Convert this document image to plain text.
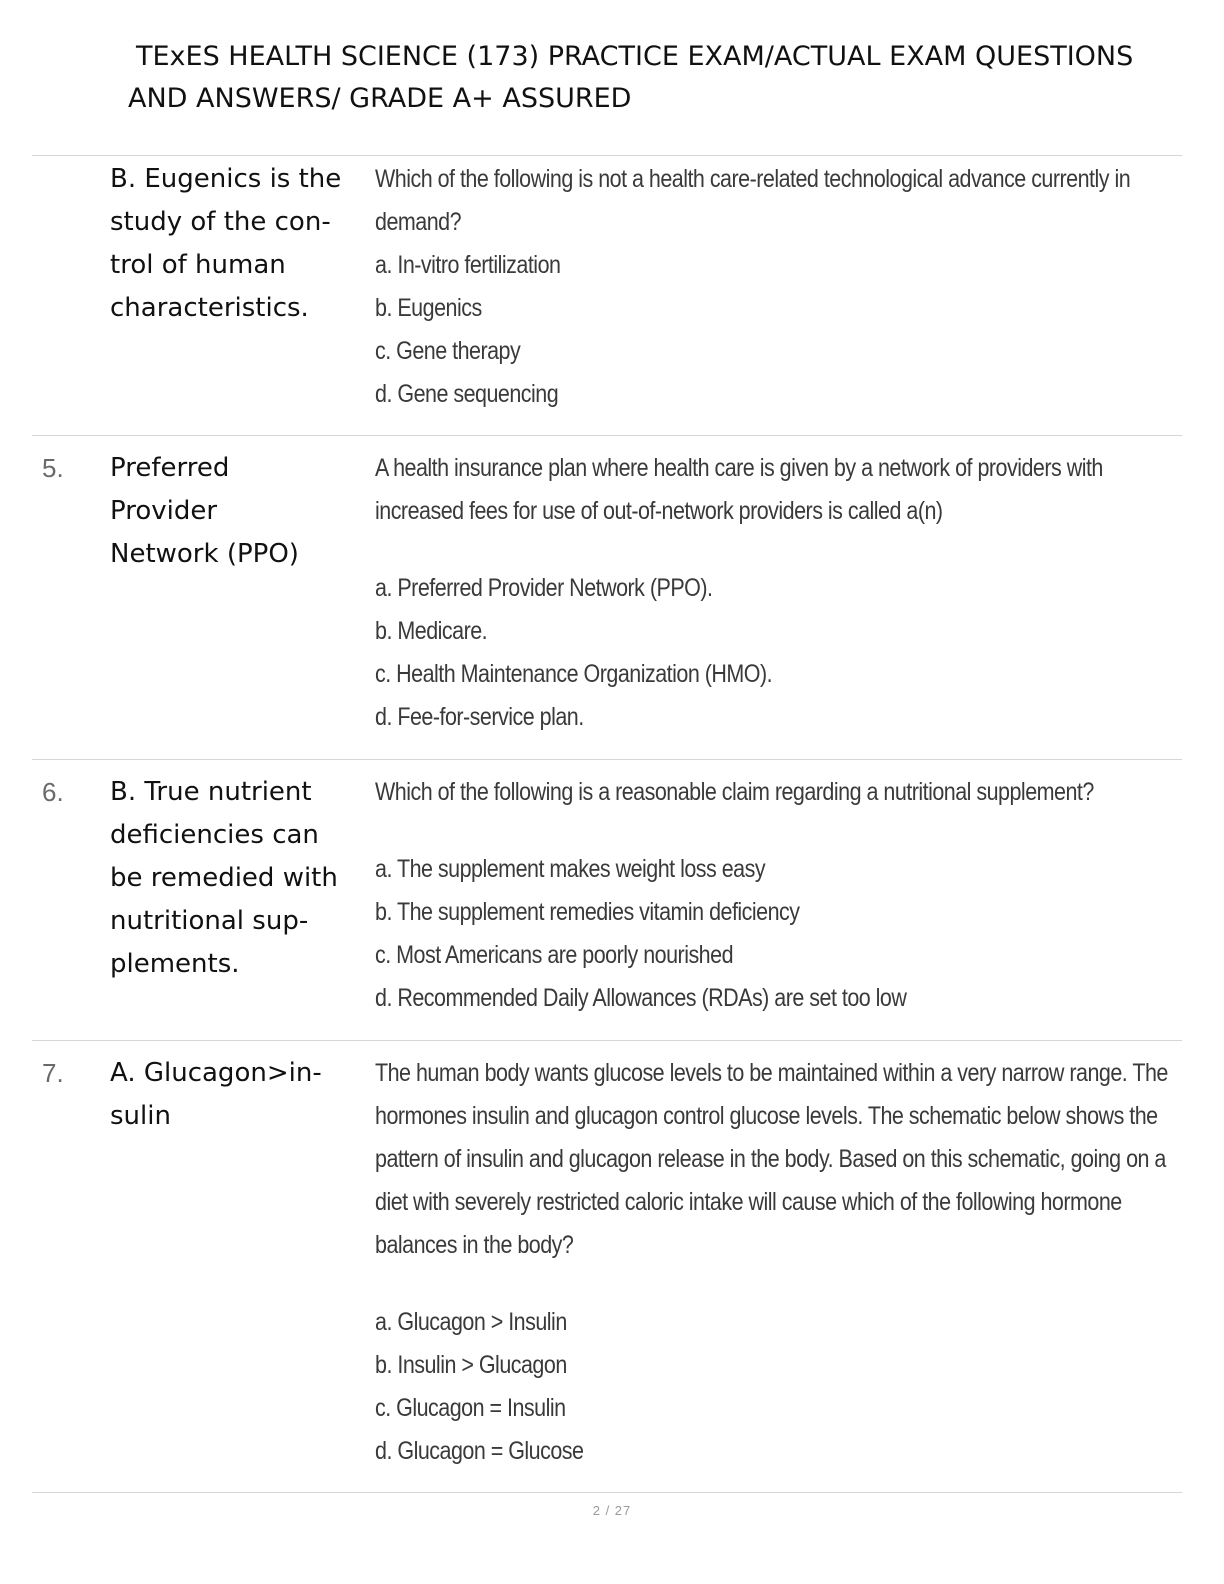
TExES HEALTH SCIENCE (173) PRACTICE EXAM/ACTUAL EXAM QUESTIONS
AND ANSWERS/ GRADE A+ ASSURED
B. Eugenics is the
study of the con-
trol of human
characteristics.
Which of the following is not a health care-related technological advance currently in demand?
a. In-vitro fertilization
b. Eugenics
c. Gene therapy
d. Gene sequencing
5. Preferred
Provider
Network (PPO)
A health insurance plan where health care is given by a network of providers with increased fees for use of out-of-network providers is called a(n)
a. Preferred Provider Network (PPO).
b. Medicare.
c. Health Maintenance Organization (HMO).
d. Fee-for-service plan.
6. B. True nutrient
deficiencies can
be remedied with
nutritional sup-
plements.
Which of the following is a reasonable claim regarding a nutritional supplement?
a. The supplement makes weight loss easy
b. The supplement remedies vitamin deficiency
c. Most Americans are poorly nourished
d. Recommended Daily Allowances (RDAs) are set too low
7. A. Glucagon>in-
sulin
The human body wants glucose levels to be maintained within a very narrow range. The hormones insulin and glucagon control glucose levels. The schematic below shows the pattern of insulin and glucagon release in the body. Based on this schematic, going on a diet with severely restricted caloric intake will cause which of the following hormone balances in the body?
a. Glucagon > Insulin
b. Insulin > Glucagon
c. Glucagon = Insulin
d. Glucagon = Glucose
2 / 27
